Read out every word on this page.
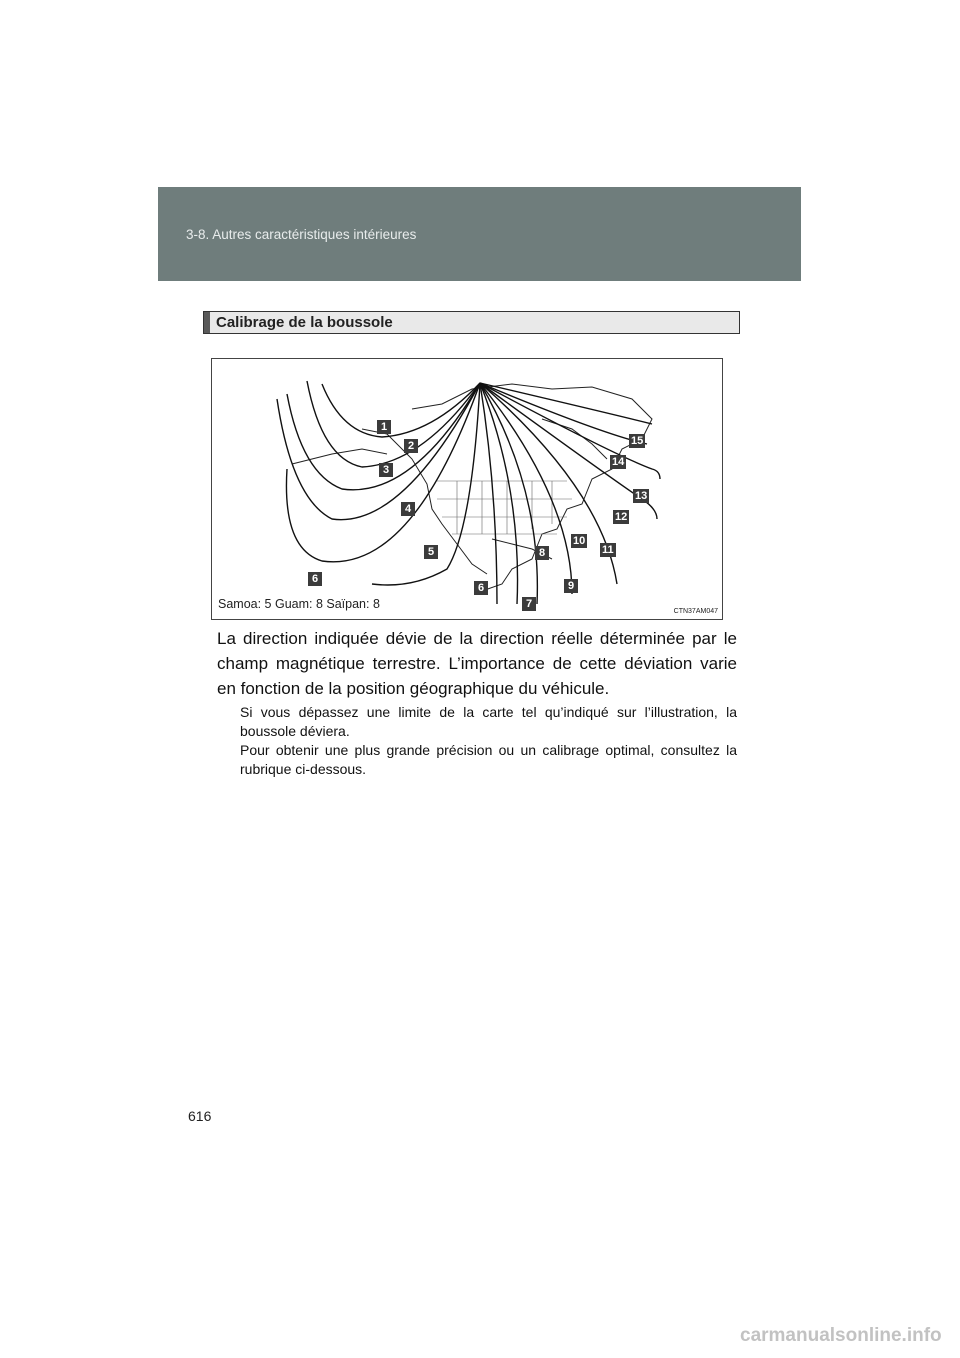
3-8. Autres caractéristiques intérieures
Calibrage de la boussole
1
2
3
4
5
6
6
7
8
9
10
11
12
13
14
15
Samoa: 5 Guam: 8 Saïpan: 8
CTN37AM047
La direction indiquée dévie de la direction réelle déterminée par le champ magnétique terrestre. L’importance de cette déviation varie en fonction de la position géographique du véhicule.

Si vous dépassez une limite de la carte tel qu’indiqué sur l’illustration, la boussole déviera.

Pour obtenir une plus grande précision ou un calibrage optimal, consultez la rubrique ci-dessous.

616
carmanualsonline.info
